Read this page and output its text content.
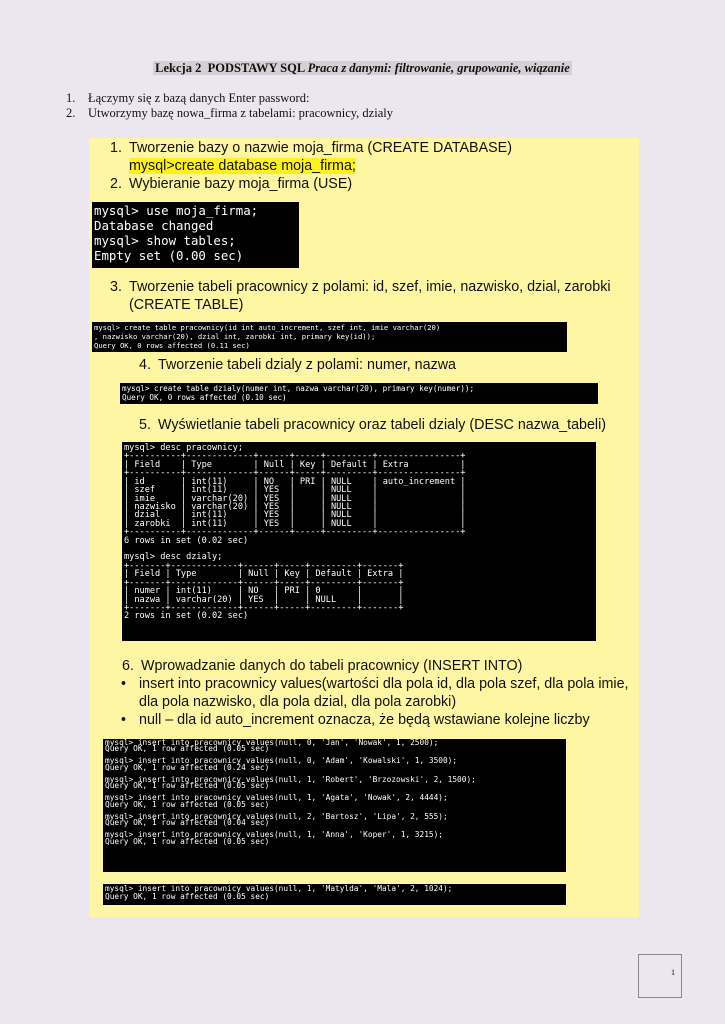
Lekcja 2 PODSTAWY SQL Praca z danymi: filtrowanie, grupowanie, wiązanie
1. Łączymy się z bazą danych Enter password:
2. Utworzymy bazę nowa_firma z tabelami: pracownicy, dzialy
1. Tworzenie bazy o nazwie moja_firma (CREATE DATABASE)
mysql>create database moja_firma;
2. Wybieranie bazy moja_firma (USE)
mysql> use moja_firma;
Database changed
mysql> show tables;
Empty set (0.00 sec)
3. Tworzenie tabeli pracownicy z polami: id, szef, imie, nazwisko, dzial, zarobki
(CREATE TABLE)
mysql> create table pracownicy(id int auto_increment, szef int, imie varchar(20)
, nazwisko varchar(20), dzial int, zarobki int, primary key(id));
Query OK, 0 rows affected (0.11 sec)
4. Tworzenie tabeli dzialy z polami: numer, nazwa
mysql> create table dzialy(numer int, nazwa varchar(20), primary key(numer));
Query OK, 0 rows affected (0.10 sec)
5. Wyświetlanie tabeli pracownicy oraz tabeli dzialy (DESC nazwa_tabeli)
mysql> desc pracownicy;
+----------+-------------+------+-----+---------+----------------+
| Field    | Type        | Null | Key | Default | Extra          |
+----------+-------------+------+-----+---------+----------------+
| id       | int(11)     | NO   | PRI | NULL    | auto_increment |
| szef     | int(11)     | YES  |     | NULL    |                |
| imie     | varchar(20) | YES  |     | NULL    |                |
| nazwisko | varchar(20) | YES  |     | NULL    |                |
| dzial    | int(11)     | YES  |     | NULL    |                |
| zarobki  | int(11)     | YES  |     | NULL    |                |
+----------+-------------+------+-----+---------+----------------+
6 rows in set (0.02 sec)

mysql> desc dzialy;
+-------+-------------+------+-----+---------+-------+
| Field | Type        | Null | Key | Default | Extra |
+-------+-------------+------+-----+---------+-------+
| numer | int(11)     | NO   | PRI | 0       |       |
| nazwa | varchar(20) | YES  |     | NULL    |       |
+-------+-------------+------+-----+---------+-------+
2 rows in set (0.02 sec)
6. Wprowadzanie danych do tabeli pracownicy (INSERT INTO)
• insert into pracownicy values(wartości dla pola id, dla pola szef, dla pola imie, dla pola nazwisko, dla pola dzial, dla pola zarobki)
• null – dla id auto_increment oznacza, że będą wstawiane kolejne liczby
mysql> insert into pracownicy values(null, 0, 'Jan', 'Nowak', 1, 2500);
Query OK, 1 row affected (0.05 sec)

mysql> insert into pracownicy values(null, 0, 'Adam', 'Kowalski', 1, 3500);
Query OK, 1 row affected (0.24 sec)

mysql> insert into pracownicy values(null, 1, 'Robert', 'Brzozowski', 2, 1500);
Query OK, 1 row affected (0.05 sec)

mysql> insert into pracownicy values(null, 1, 'Agata', 'Nowak', 2, 4444);
Query OK, 1 row affected (0.05 sec)

mysql> insert into pracownicy values(null, 2, 'Bartosz', 'Lipa', 2, 555);
Query OK, 1 row affected (0.04 sec)

mysql> insert into pracownicy values(null, 1, 'Anna', 'Koper', 1, 3215);
Query OK, 1 row affected (0.05 sec)
mysql> insert into pracownicy values(null, 1, 'Matylda', 'Mala', 2, 1024);
Query OK, 1 row affected (0.05 sec)
1
